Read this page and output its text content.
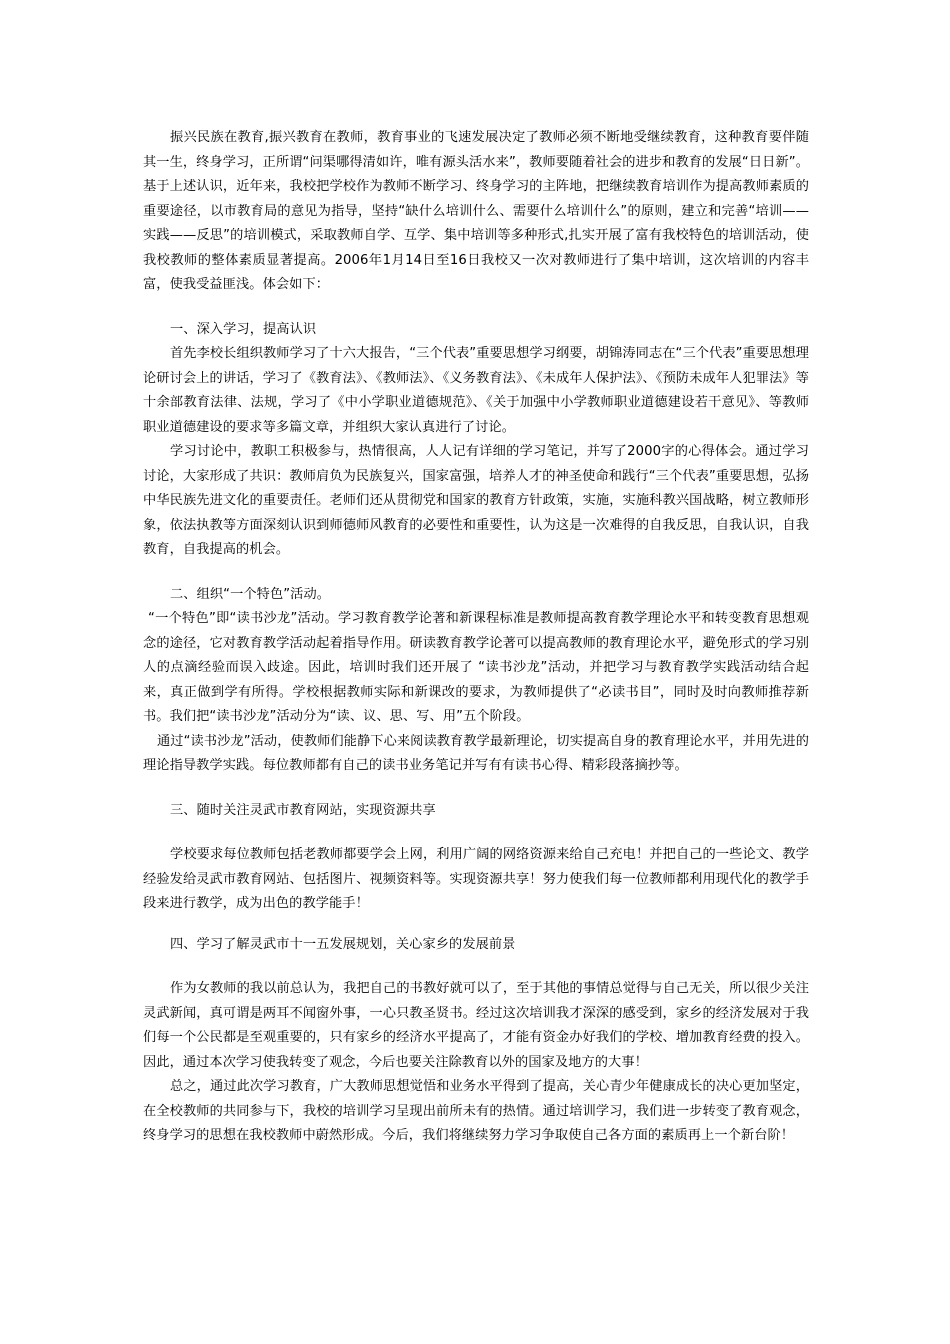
振兴民族在教育,振兴教育在教师，教育事业的飞速发展决定了教师必须不断地受继续教育，这种教育要伴随其一生，终身学习，正所谓“问渠哪得清如许，唯有源头活水来”，教师要随着社会的进步和教育的发展“日日新”。基于上述认识，近年来，我校把学校作为教师不断学习、终身学习的主阵地，把继续教育培训作为提高教师素质的重要途径，以市教育局的意见为指导，坚持“缺什么培训什么、需要什么培训什么”的原则，建立和完善“培训——实践——反思”的培训模式，采取教师自学、互学、集中培训等多种形式,扎实开展了富有我校特色的培训活动，使我校教师的整体素质显著提高。2006年1月14日至16日我校又一次对教师进行了集中培训，这次培训的内容丰富，使我受益匪浅。体会如下：

一、深入学习，提高认识

首先李校长组织教师学习了十六大报告，“三个代表”重要思想学习纲要，胡锦涛同志在“三个代表”重要思想理论研讨会上的讲话，学习了《教育法》、《教师法》、《义务教育法》、《未成年人保护法》、《预防未成年人犯罪法》等十余部教育法律、法规，学习了《中小学职业道德规范》、《关于加强中小学教师职业道德建设若干意见》、等教师职业道德建设的要求等多篇文章，并组织大家认真进行了讨论。

学习讨论中，教职工积极参与，热情很高，人人记有详细的学习笔记，并写了2000字的心得体会。通过学习讨论，大家形成了共识：教师肩负为民族复兴，国家富强，培养人才的神圣使命和践行“三个代表”重要思想，弘扬中华民族先进文化的重要责任。老师们还从贯彻党和国家的教育方针政策，实施，实施科教兴国战略，树立教师形象，依法执教等方面深刻认识到师德师风教育的必要性和重要性，认为这是一次难得的自我反思，自我认识，自我教育，自我提高的机会。

二、组织“一个特色”活动。

“一个特色”即“读书沙龙”活动。学习教育教学论著和新课程标准是教师提高教育教学理论水平和转变教育思想观念的途径，它对教育教学活动起着指导作用。研读教育教学论著可以提高教师的教育理论水平，避免形式的学习别人的点滴经验而误入歧途。因此，培训时我们还开展了 “读书沙龙”活动，并把学习与教育教学实践活动结合起来，真正做到学有所得。学校根据教师实际和新课改的要求，为教师提供了“必读书目”，同时及时向教师推荐新书。我们把“读书沙龙”活动分为“读、议、思、写、用”五个阶段。

通过“读书沙龙”活动，使教师们能静下心来阅读教育教学最新理论，切实提高自身的教育理论水平，并用先进的理论指导教学实践。每位教师都有自己的读书业务笔记并写有有读书心得、精彩段落摘抄等。

三、随时关注灵武市教育网站，实现资源共享

学校要求每位教师包括老教师都要学会上网，利用广阔的网络资源来给自己充电！并把自己的一些论文、教学经验发给灵武市教育网站、包括图片、视频资料等。实现资源共享！努力使我们每一位教师都利用现代化的教学手段来进行教学，成为出色的教学能手！

四、学习了解灵武市十一五发展规划，关心家乡的发展前景

作为女教师的我以前总认为，我把自己的书教好就可以了，至于其他的事情总觉得与自己无关，所以很少关注灵武新闻，真可谓是两耳不闻窗外事，一心只教圣贤书。经过这次培训我才深深的感受到，家乡的经济发展对于我们每一个公民都是至观重要的，只有家乡的经济水平提高了，才能有资金办好我们的学校、增加教育经费的投入。因此，通过本次学习使我转变了观念，今后也要关注除教育以外的国家及地方的大事！

总之，通过此次学习教育，广大教师思想觉悟和业务水平得到了提高，关心青少年健康成长的决心更加坚定，在全校教师的共同参与下，我校的培训学习呈现出前所未有的热情。通过培训学习，我们进一步转变了教育观念，终身学习的思想在我校教师中蔚然形成。今后，我们将继续努力学习争取使自己各方面的素质再上一个新台阶！
